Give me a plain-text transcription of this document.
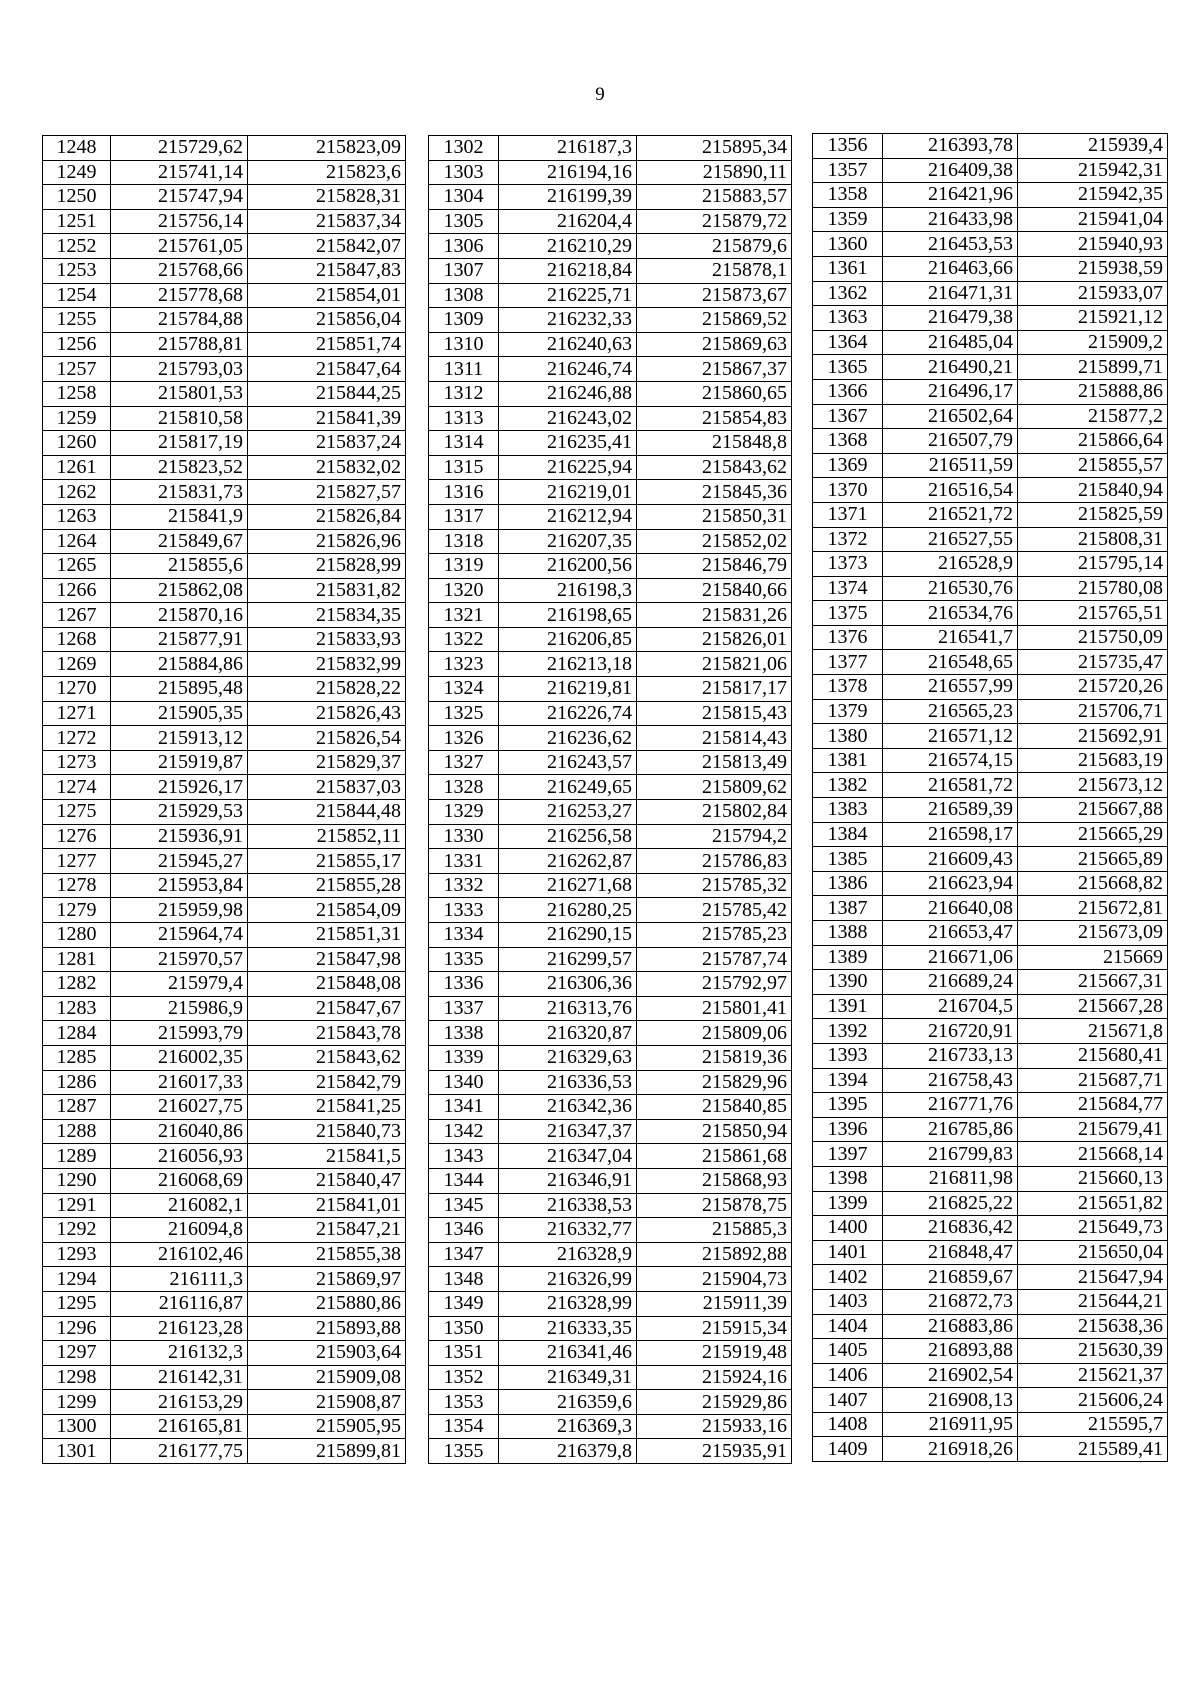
9
1248	215729,62	215823,09
1249	215741,14	215823,6
1250	215747,94	215828,31
1251	215756,14	215837,34
1252	215761,05	215842,07
1253	215768,66	215847,83
1254	215778,68	215854,01
1255	215784,88	215856,04
1256	215788,81	215851,74
1257	215793,03	215847,64
1258	215801,53	215844,25
1259	215810,58	215841,39
1260	215817,19	215837,24
1261	215823,52	215832,02
1262	215831,73	215827,57
1263	215841,9	215826,84
1264	215849,67	215826,96
1265	215855,6	215828,99
1266	215862,08	215831,82
1267	215870,16	215834,35
1268	215877,91	215833,93
1269	215884,86	215832,99
1270	215895,48	215828,22
1271	215905,35	215826,43
1272	215913,12	215826,54
1273	215919,87	215829,37
1274	215926,17	215837,03
1275	215929,53	215844,48
1276	215936,91	215852,11
1277	215945,27	215855,17
1278	215953,84	215855,28
1279	215959,98	215854,09
1280	215964,74	215851,31
1281	215970,57	215847,98
1282	215979,4	215848,08
1283	215986,9	215847,67
1284	215993,79	215843,78
1285	216002,35	215843,62
1286	216017,33	215842,79
1287	216027,75	215841,25
1288	216040,86	215840,73
1289	216056,93	215841,5
1290	216068,69	215840,47
1291	216082,1	215841,01
1292	216094,8	215847,21
1293	216102,46	215855,38
1294	216111,3	215869,97
1295	216116,87	215880,86
1296	216123,28	215893,88
1297	216132,3	215903,64
1298	216142,31	215909,08
1299	216153,29	215908,87
1300	216165,81	215905,95
1301	216177,75	215899,81
1302	216187,3	215895,34
1303	216194,16	215890,11
1304	216199,39	215883,57
1305	216204,4	215879,72
1306	216210,29	215879,6
1307	216218,84	215878,1
1308	216225,71	215873,67
1309	216232,33	215869,52
1310	216240,63	215869,63
1311	216246,74	215867,37
1312	216246,88	215860,65
1313	216243,02	215854,83
1314	216235,41	215848,8
1315	216225,94	215843,62
1316	216219,01	215845,36
1317	216212,94	215850,31
1318	216207,35	215852,02
1319	216200,56	215846,79
1320	216198,3	215840,66
1321	216198,65	215831,26
1322	216206,85	215826,01
1323	216213,18	215821,06
1324	216219,81	215817,17
1325	216226,74	215815,43
1326	216236,62	215814,43
1327	216243,57	215813,49
1328	216249,65	215809,62
1329	216253,27	215802,84
1330	216256,58	215794,2
1331	216262,87	215786,83
1332	216271,68	215785,32
1333	216280,25	215785,42
1334	216290,15	215785,23
1335	216299,57	215787,74
1336	216306,36	215792,97
1337	216313,76	215801,41
1338	216320,87	215809,06
1339	216329,63	215819,36
1340	216336,53	215829,96
1341	216342,36	215840,85
1342	216347,37	215850,94
1343	216347,04	215861,68
1344	216346,91	215868,93
1345	216338,53	215878,75
1346	216332,77	215885,3
1347	216328,9	215892,88
1348	216326,99	215904,73
1349	216328,99	215911,39
1350	216333,35	215915,34
1351	216341,46	215919,48
1352	216349,31	215924,16
1353	216359,6	215929,86
1354	216369,3	215933,16
1355	216379,8	215935,91
1356	216393,78	215939,4
1357	216409,38	215942,31
1358	216421,96	215942,35
1359	216433,98	215941,04
1360	216453,53	215940,93
1361	216463,66	215938,59
1362	216471,31	215933,07
1363	216479,38	215921,12
1364	216485,04	215909,2
1365	216490,21	215899,71
1366	216496,17	215888,86
1367	216502,64	215877,2
1368	216507,79	215866,64
1369	216511,59	215855,57
1370	216516,54	215840,94
1371	216521,72	215825,59
1372	216527,55	215808,31
1373	216528,9	215795,14
1374	216530,76	215780,08
1375	216534,76	215765,51
1376	216541,7	215750,09
1377	216548,65	215735,47
1378	216557,99	215720,26
1379	216565,23	215706,71
1380	216571,12	215692,91
1381	216574,15	215683,19
1382	216581,72	215673,12
1383	216589,39	215667,88
1384	216598,17	215665,29
1385	216609,43	215665,89
1386	216623,94	215668,82
1387	216640,08	215672,81
1388	216653,47	215673,09
1389	216671,06	215669
1390	216689,24	215667,31
1391	216704,5	215667,28
1392	216720,91	215671,8
1393	216733,13	215680,41
1394	216758,43	215687,71
1395	216771,76	215684,77
1396	216785,86	215679,41
1397	216799,83	215668,14
1398	216811,98	215660,13
1399	216825,22	215651,82
1400	216836,42	215649,73
1401	216848,47	215650,04
1402	216859,67	215647,94
1403	216872,73	215644,21
1404	216883,86	215638,36
1405	216893,88	215630,39
1406	216902,54	215621,37
1407	216908,13	215606,24
1408	216911,95	215595,7
1409	216918,26	215589,41
